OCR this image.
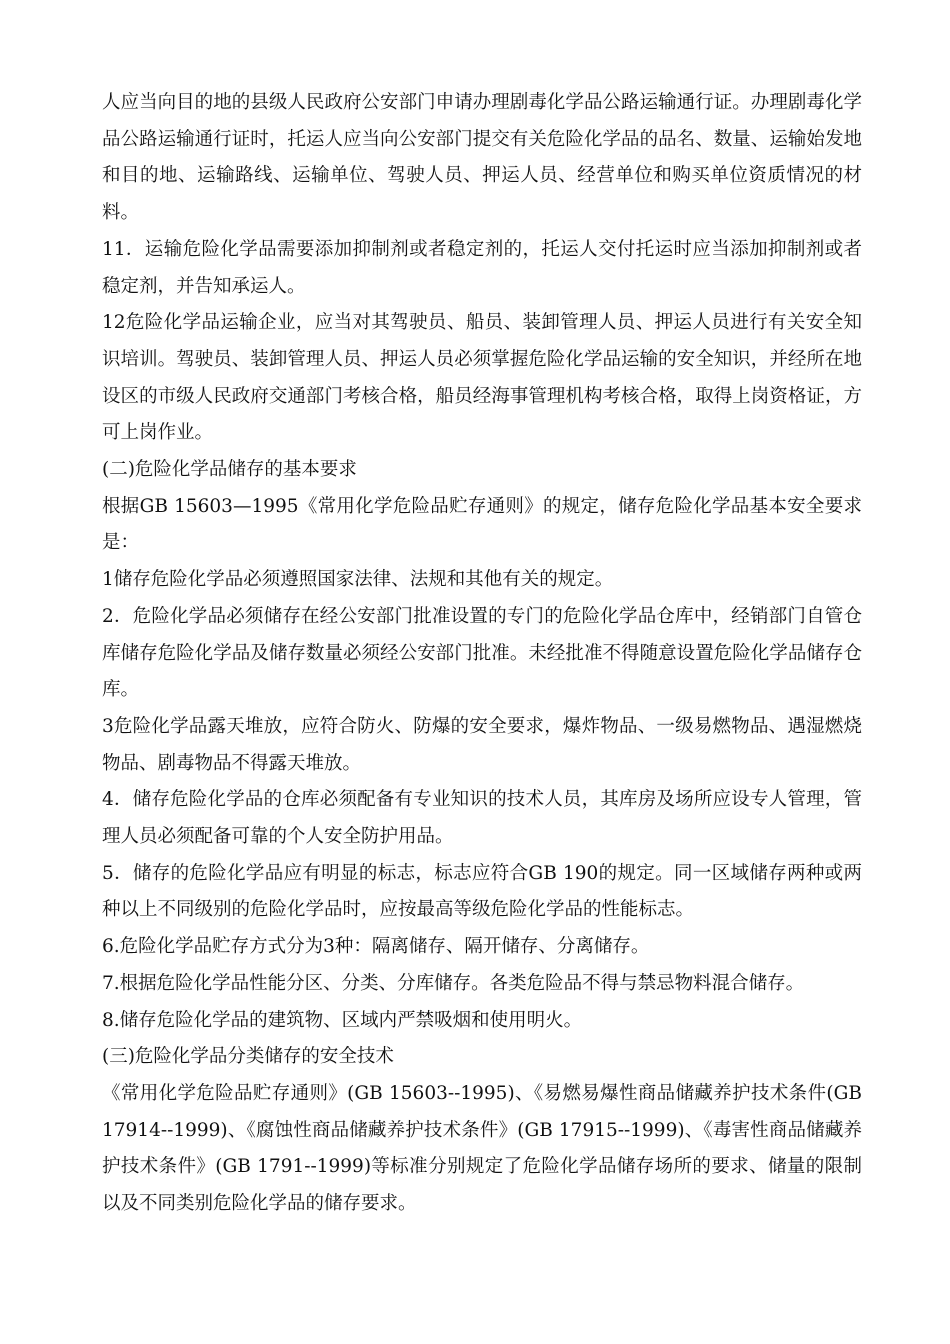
人应当向目的地的县级人民政府公安部门申请办理剧毒化学品公路运输通行证。办理剧毒化学品公路运输通行证时，托运人应当向公安部门提交有关危险化学品的品名、数量、运输始发地和目的地、运输路线、运输单位、驾驶人员、押运人员、经营单位和购买单位资质情况的材料。

11．运输危险化学品需要添加抑制剂或者稳定剂的，托运人交付托运时应当添加抑制剂或者稳定剂，并告知承运人。

12危险化学品运输企业，应当对其驾驶员、船员、装卸管理人员、押运人员进行有关安全知识培训。驾驶员、装卸管理人员、押运人员必须掌握危险化学品运输的安全知识，并经所在地设区的市级人民政府交通部门考核合格，船员经海事管理机构考核合格，取得上岗资格证，方可上岗作业。

(二)危险化学品储存的基本要求

根据GB 15603—1995《常用化学危险品贮存通则》的规定，储存危险化学品基本安全要求是：

1储存危险化学品必须遵照国家法律、法规和其他有关的规定。

2．危险化学品必须储存在经公安部门批准设置的专门的危险化学品仓库中，经销部门自管仓库储存危险化学品及储存数量必须经公安部门批准。未经批准不得随意设置危险化学品储存仓库。

3危险化学品露天堆放，应符合防火、防爆的安全要求，爆炸物品、一级易燃物品、遇湿燃烧物品、剧毒物品不得露天堆放。

4．储存危险化学品的仓库必须配备有专业知识的技术人员，其库房及场所应设专人管理，管理人员必须配备可靠的个人安全防护用品。

5．储存的危险化学品应有明显的标志，标志应符合GB 190的规定。同一区域储存两种或两种以上不同级别的危险化学品时，应按最高等级危险化学品的性能标志。

6.危险化学品贮存方式分为3种：隔离储存、隔开储存、分离储存。

7.根据危险化学品性能分区、分类、分库储存。各类危险品不得与禁忌物料混合储存。

8.储存危险化学品的建筑物、区域内严禁吸烟和使用明火。

(三)危险化学品分类储存的安全技术

《常用化学危险品贮存通则》(GB 15603--1995)、《易燃易爆性商品储藏养护技术条件(GB 17914--1999)、《腐蚀性商品储藏养护技术条件》(GB 17915--1999)、《毒害性商品储藏养护技术条件》(GB 1791--1999)等标准分别规定了危险化学品储存场所的要求、储量的限制以及不同类别危险化学品的储存要求。
